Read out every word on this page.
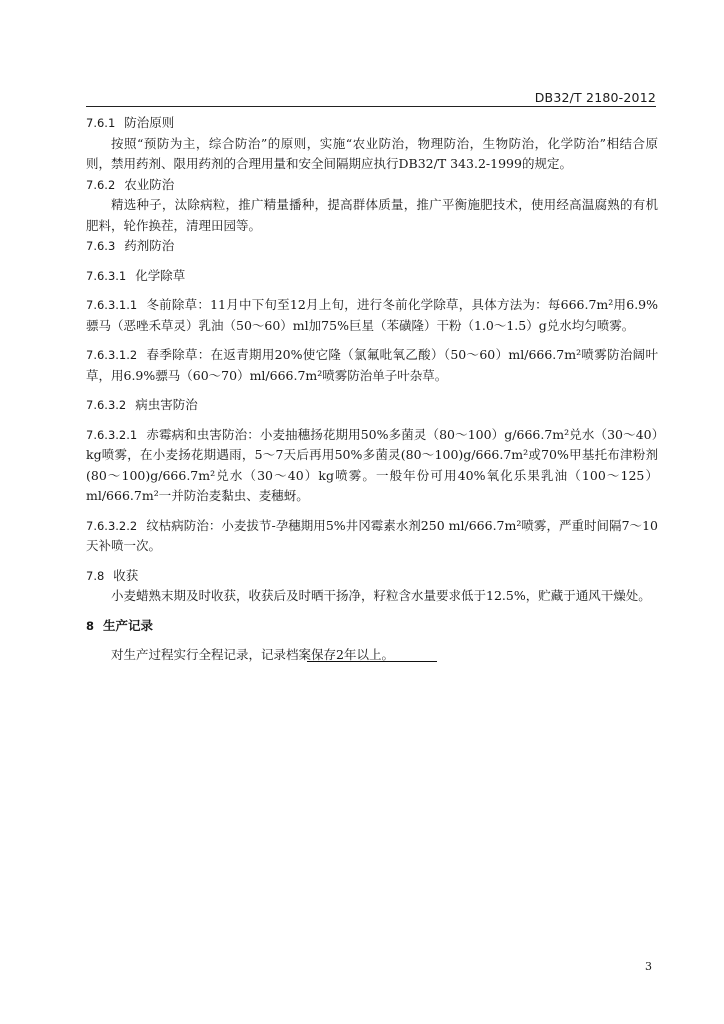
DB32/T 2180-2012
7.6.1 防治原则
按照“预防为主，综合防治”的原则，实施“农业防治，物理防治，生物防治，化学防治”相结合原则，禁用药剂、限用药剂的合理用量和安全间隔期应执行DB32/T 343.2-1999的规定。
7.6.2 农业防治
精选种子，汰除病粒，推广精量播种，提高群体质量，推广平衡施肥技术，使用经高温腐熟的有机肥料，轮作换茬，清理田园等。
7.6.3 药剂防治
7.6.3.1 化学除草
7.6.3.1.1 冬前除草：11月中下旬至12月上旬，进行冬前化学除草，具体方法为：每666.7m²用6.9%骠马（恶唑禾草灵）乳油（50～60）ml加75%巨星（苯磺隆）干粉（1.0～1.5）g兑水均匀喷雾。
7.6.3.1.2 春季除草：在返青期用20%使它隆（氯氟吡氧乙酸）（50～60）ml/666.7m²喷雾防治阔叶草，用6.9%骠马（60～70）ml/666.7m²喷雾防治单子叶杂草。
7.6.3.2 病虫害防治
7.6.3.2.1 赤霉病和虫害防治：小麦抽穗扬花期用50%多菌灵（80～100）g/666.7m²兑水（30～40）kg喷雾，在小麦扬花期遇雨，5～7天后再用50%多菌灵(80～100)g/666.7m²或70%甲基托布津粉剂(80～100)g/666.7m²兑水（30～40）kg喷雾。一般年份可用40%氧化乐果乳油（100～125）ml/666.7m²一并防治麦黏虫、麦穗蚜。
7.6.3.2.2 纹枯病防治：小麦拔节-孕穗期用5%井冈霉素水剂250 ml/666.7m²喷雾，严重时间隔7～10天补喷一次。
7.8 收获
小麦蜡熟末期及时收获，收获后及时晒干扬净，籽粒含水量要求低于12.5%，贮藏于通风干燥处。
8 生产记录
对生产过程实行全程记录，记录档案保存2年以上。
3
